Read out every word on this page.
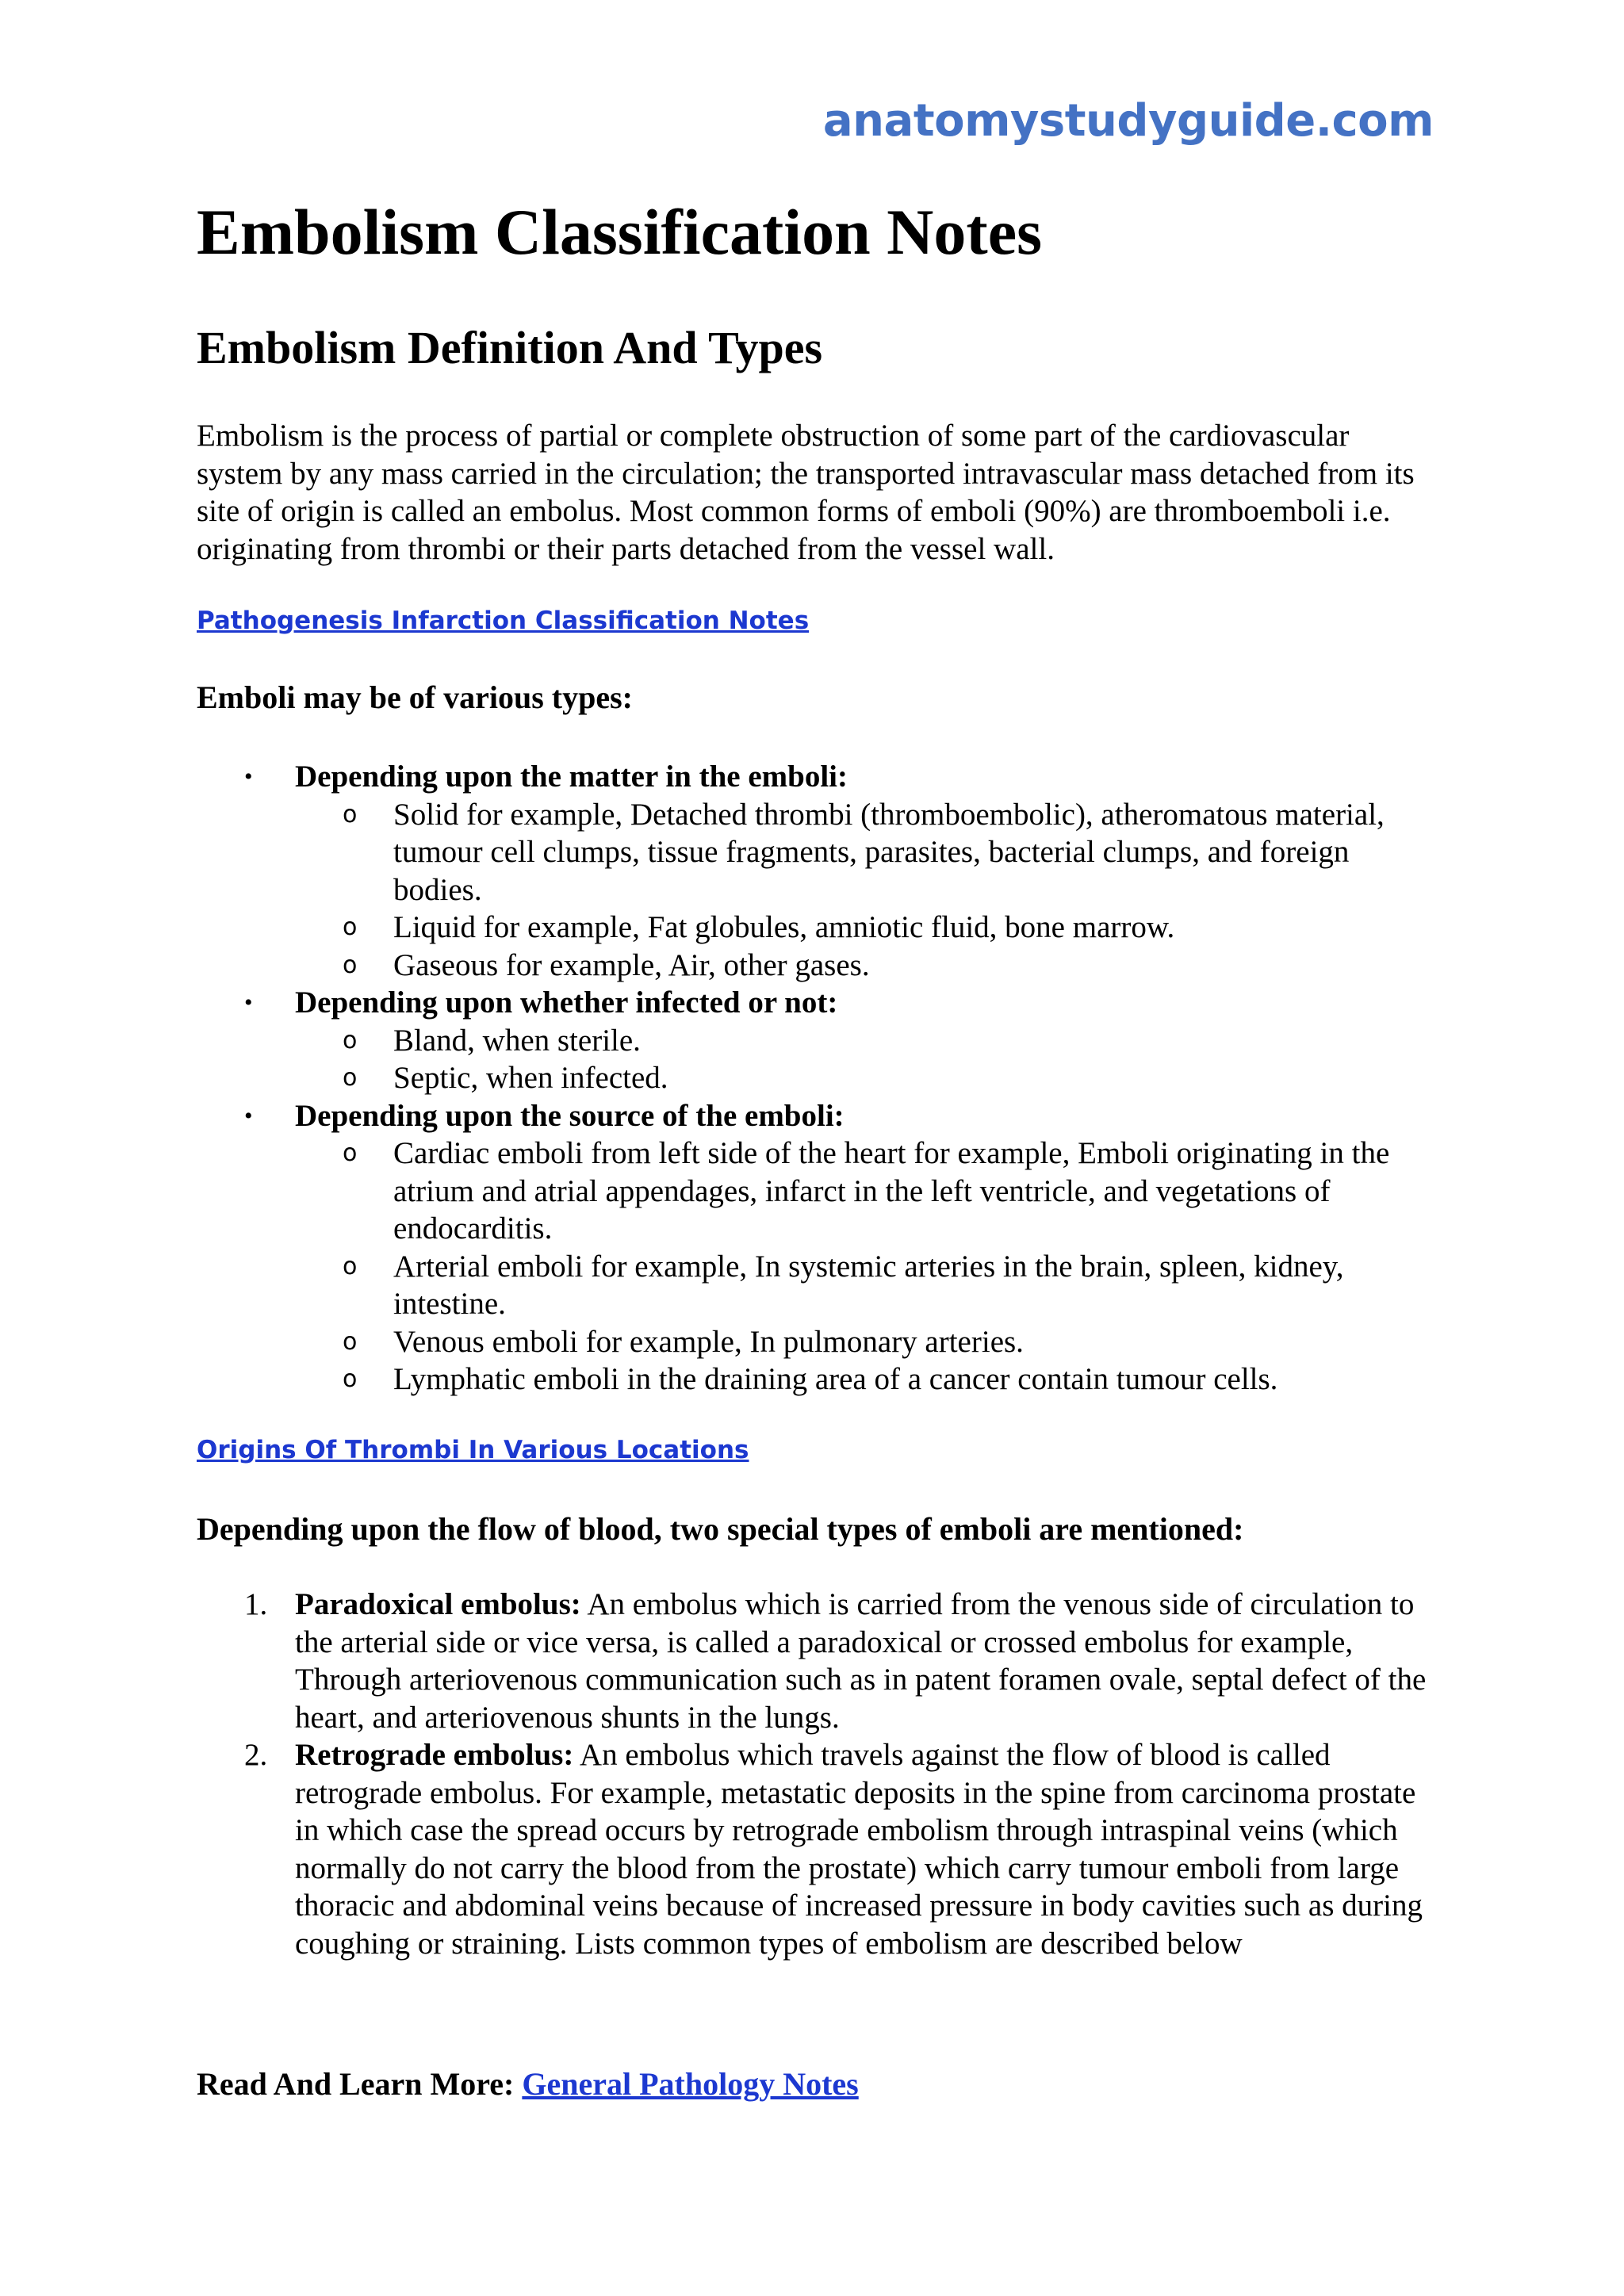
anatomystudyguide.com
Embolism Classification Notes
Embolism Definition And Types

Embolism is the process of partial or complete obstruction of some part of the cardiovascular system by any mass carried in the circulation; the transported intravascular mass detached from its site of origin is called an embolus. Most common forms of emboli (90%) are thromboemboli i.e. originating from thrombi or their parts detached from the vessel wall.

Pathogenesis Infarction Classification Notes

Emboli may be of various types:

• Depending upon the matter in the emboli:
o Solid for example, Detached thrombi (thromboembolic), atheromatous material, tumour cell clumps, tissue fragments, parasites, bacterial clumps, and foreign bodies.
o Liquid for example, Fat globules, amniotic fluid, bone marrow.
o Gaseous for example, Air, other gases.
• Depending upon whether infected or not:
o Bland, when sterile.
o Septic, when infected.
• Depending upon the source of the emboli:
o Cardiac emboli from left side of the heart for example, Emboli originating in the atrium and atrial appendages, infarct in the left ventricle, and vegetations of endocarditis.
o Arterial emboli for example, In systemic arteries in the brain, spleen, kidney, intestine.
o Venous emboli for example, In pulmonary arteries.
o Lymphatic emboli in the draining area of a cancer contain tumour cells.
Origins Of Thrombi In Various Locations

Depending upon the flow of blood, two special types of emboli are mentioned:

1. Paradoxical embolus: An embolus which is carried from the venous side of circulation to the arterial side or vice versa, is called a paradoxical or crossed embolus for example, Through arteriovenous communication such as in patent foramen ovale, septal defect of the heart, and arteriovenous shunts in the lungs.
2. Retrograde embolus: An embolus which travels against the flow of blood is called retrograde embolus. For example, metastatic deposits in the spine from carcinoma prostate in which case the spread occurs by retrograde embolism through intraspinal veins (which normally do not carry the blood from the prostate) which carry tumour emboli from large thoracic and abdominal veins because of increased pressure in body cavities such as during coughing or straining. Lists common types of embolism are described below

Read And Learn More: General Pathology Notes
